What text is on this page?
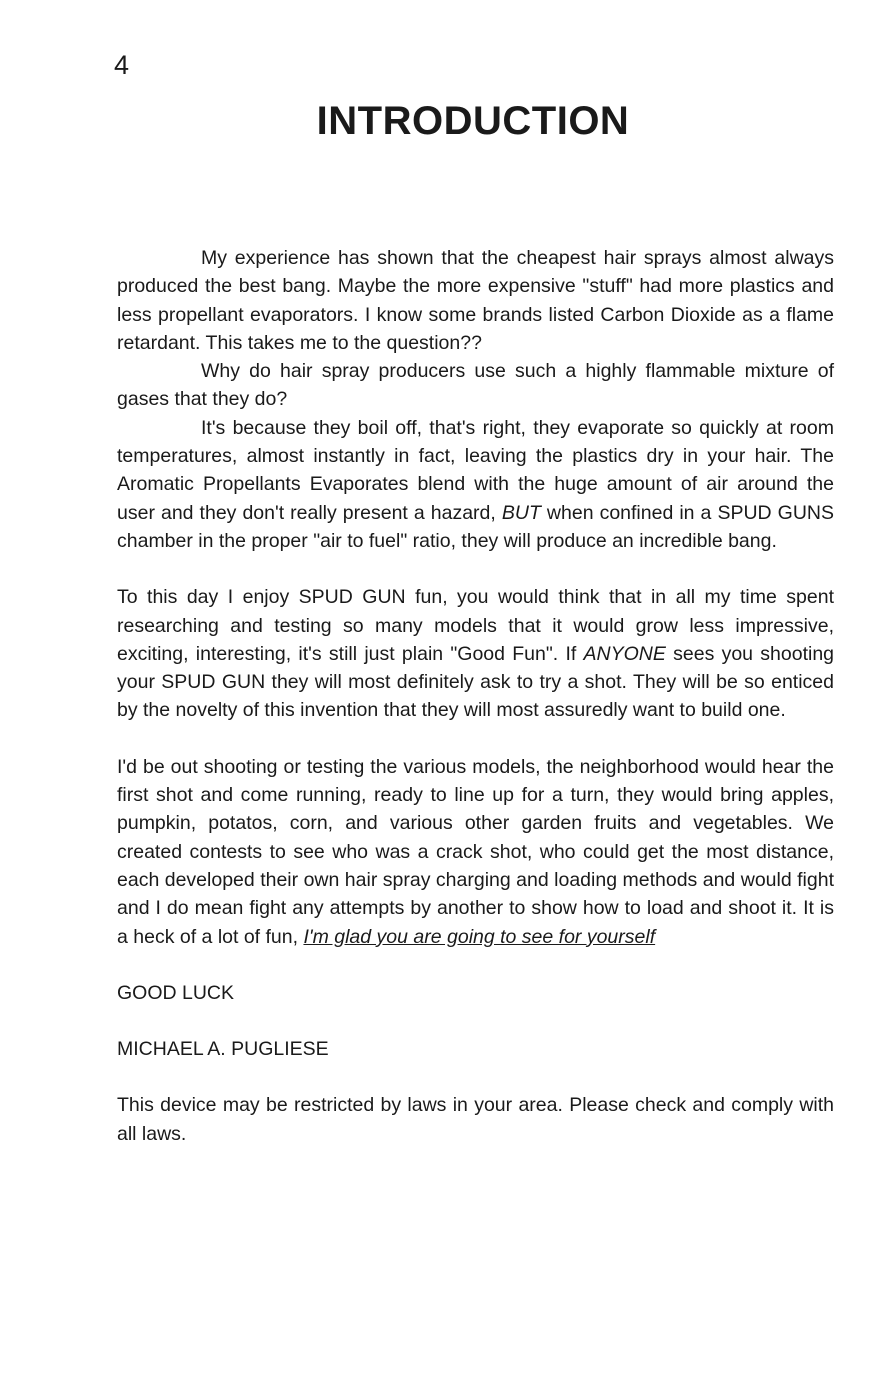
4
INTRODUCTION

My experience has shown that the cheapest hair sprays almost always produced the best bang. Maybe the more expensive "stuff" had more plastics and less propellant evaporators. I know some brands listed Carbon Dioxide as a flame retardant. This takes me to the question??

Why do hair spray producers use such a highly flammable mixture of gases that they do?

It's because they boil off, that's right, they evaporate so quickly at room temperatures, almost instantly in fact, leaving the plastics dry in your hair. The Aromatic Propellants Evaporates blend with the huge amount of air around the user and they don't really present a hazard, BUT when confined in a SPUD GUNS chamber in the proper "air to fuel" ratio, they will produce an incredible bang.

To this day I enjoy SPUD GUN fun, you would think that in all my time spent researching and testing so many models that it would grow less impressive, exciting, interesting, it's still just plain "Good Fun". If ANYONE sees you shooting your SPUD GUN they will most definitely ask to try a shot. They will be so enticed by the novelty of this invention that they will most assuredly want to build one.

I'd be out shooting or testing the various models, the neighborhood would hear the first shot and come running, ready to line up for a turn, they would bring apples, pumpkin, potatos, corn, and various other garden fruits and vegetables. We created contests to see who was a crack shot, who could get the most distance, each developed their own hair spray charging and loading methods and would fight and I do mean fight any attempts by another to show how to load and shoot it. It is a heck of a lot of fun, I'm glad you are going to see for yourself

GOOD LUCK

MICHAEL A. PUGLIESE

This device may be restricted by laws in your area. Please check and comply with all laws.
